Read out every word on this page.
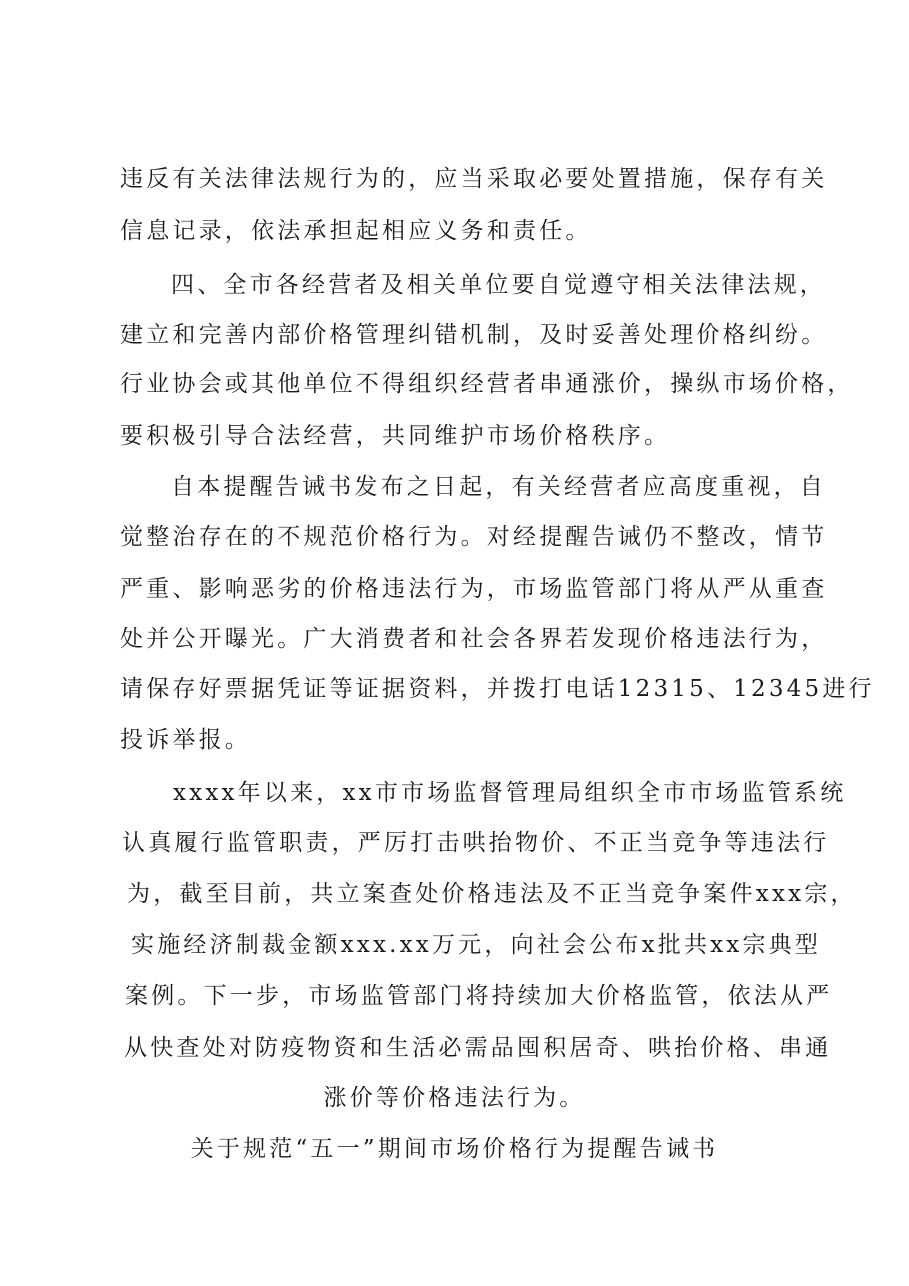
违反有关法律法规行为的，应当采取必要处置措施，保存有关
信息记录，依法承担起相应义务和责任。
四、全市各经营者及相关单位要自觉遵守相关法律法规，
建立和完善内部价格管理纠错机制，及时妥善处理价格纠纷。
行业协会或其他单位不得组织经营者串通涨价，操纵市场价格，
要积极引导合法经营，共同维护市场价格秩序。
自本提醒告诫书发布之日起，有关经营者应高度重视，自
觉整治存在的不规范价格行为。对经提醒告诫仍不整改，情节
严重、影响恶劣的价格违法行为，市场监管部门将从严从重查
处并公开曝光。广大消费者和社会各界若发现价格违法行为，
请保存好票据凭证等证据资料，并拨打电话12315、12345进行
投诉举报。
xxxx年以来，xx市市场监督管理局组织全市市场监管系统
认真履行监管职责，严厉打击哄抬物价、不正当竞争等违法行
为，截至目前，共立案查处价格违法及不正当竞争案件xxx宗，
实施经济制裁金额xxx.xx万元，向社会公布x批共xx宗典型
案例。下一步，市场监管部门将持续加大价格监管，依法从严
从快查处对防疫物资和生活必需品囤积居奇、哄抬价格、串通
涨价等价格违法行为。
关于规范“五一”期间市场价格行为提醒告诫书
